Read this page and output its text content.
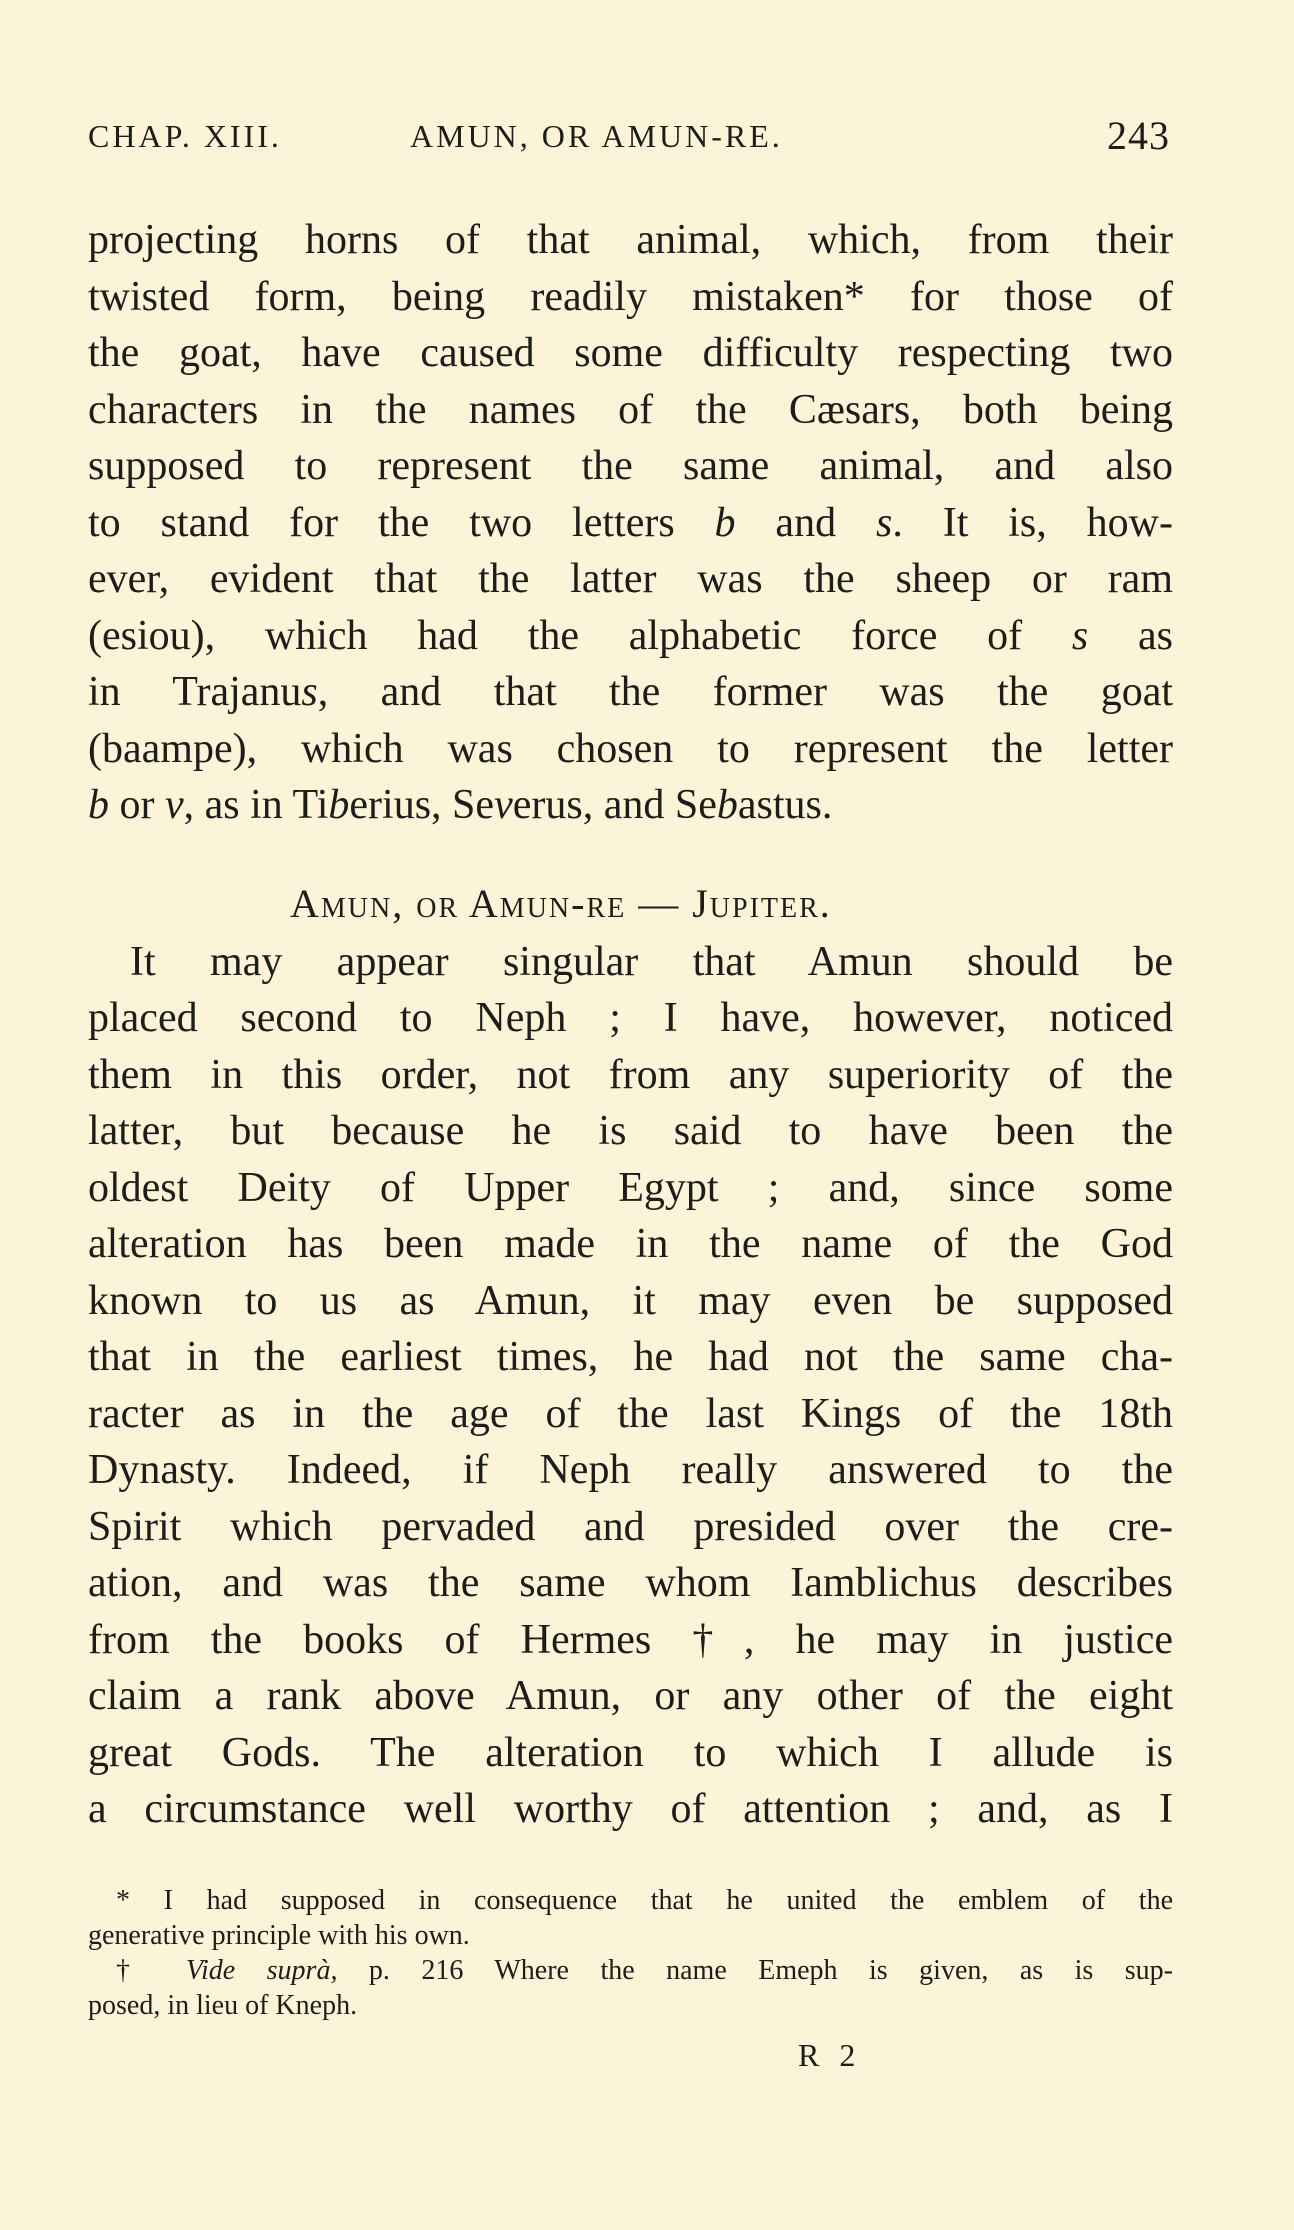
CHAP. XIII.	AMUN, OR AMUN-RE.	243
projecting horns of that animal, which, from their
twisted form, being readily mistaken* for those of
the goat, have caused some difficulty respecting two
characters in the names of the Cæsars, both being
supposed to represent the same animal, and also
to stand for the two letters b and s. It is, how-
ever, evident that the latter was the sheep or ram
(esiou), which had the alphabetic force of s as
in Trajanus, and that the former was the goat
(baampe), which was chosen to represent the letter
b or v, as in Tiberius, Severus, and Sebastus.
Amun, or Amun-re — Jupiter.
It may appear singular that Amun should be
placed second to Neph ; I have, however, noticed
them in this order, not from any superiority of the
latter, but because he is said to have been the
oldest Deity of Upper Egypt ; and, since some
alteration has been made in the name of the God
known to us as Amun, it may even be supposed
that in the earliest times, he had not the same cha-
racter as in the age of the last Kings of the 18th
Dynasty. Indeed, if Neph really answered to the
Spirit which pervaded and presided over the cre-
ation, and was the same whom Iamblichus describes
from the books of Hermes †, he may in justice
claim a rank above Amun, or any other of the eight
great Gods. The alteration to which I allude is
a circumstance well worthy of attention ; and, as I
* I had supposed in consequence that he united the emblem of the
generative principle with his own.
† Vide suprà, p. 216 Where the name Emeph is given, as is sup-
posed, in lieu of Kneph.
R 2
